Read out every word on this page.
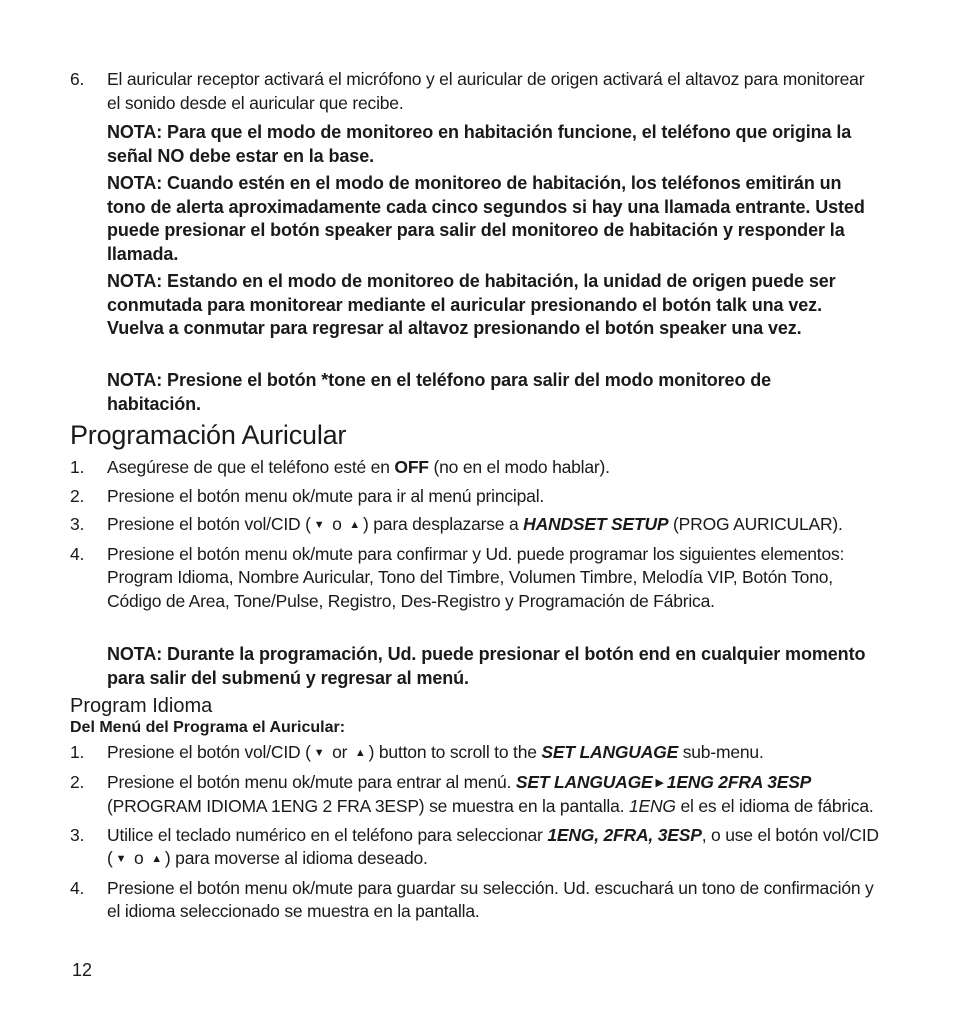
6.	El auricular receptor activará el micrófono y el auricular de origen activará el altavoz para monitorear el sonido desde el auricular que recibe.
NOTA: Para que el modo de monitoreo en habitación funcione, el teléfono que origina la señal NO debe estar en la base.
NOTA: Cuando estén en el modo de monitoreo de habitación, los teléfonos emitirán un tono de alerta aproximadamente cada cinco segundos si hay una llamada entrante. Usted puede presionar el botón speaker para salir del monitoreo de habitación y responder la llamada.
NOTA: Estando en el modo de monitoreo de habitación, la unidad de origen puede ser conmutada para monitorear mediante el auricular presionando el botón talk una vez. Vuelva a conmutar para regresar al altavoz presionando el botón speaker una vez.
NOTA: Presione el botón *tone en el teléfono para salir del modo monitoreo de habitación.
Programación Auricular
1.	Asegúrese de que el teléfono esté en OFF (no en el modo hablar).
2.	Presione el botón menu ok/mute para ir al menú principal.
3.	Presione el botón vol/CID ( ▼ o ▲ ) para desplazarse a HANDSET SETUP (PROG AURICULAR).
4.	Presione el botón menu ok/mute para confirmar y Ud. puede programar los siguientes elementos: Program Idioma, Nombre Auricular, Tono del Timbre, Volumen Timbre, Melodía VIP, Botón Tono, Código de Area, Tone/Pulse, Registro, Des-Registro y Programación de Fábrica.
NOTA: Durante la programación, Ud. puede presionar el botón end en cualquier momento para salir del submenú y regresar al menú.
Program Idioma
Del Menú del Programa el Auricular:
1.	Presione el botón vol/CID ( ▼ or ▲ ) button to scroll to the SET LANGUAGE sub-menu.
2.	Presione el botón menu ok/mute para entrar al menú. SET LANGUAGE ▶ 1ENG 2FRA 3ESP (PROGRAM IDIOMA 1ENG 2 FRA 3ESP) se muestra en la pantalla. 1ENG el es el idioma de fábrica.
3.	Utilice el teclado numérico en el teléfono para seleccionar 1ENG, 2FRA, 3ESP, o use el botón vol/CID ( ▼ o ▲ ) para moverse al idioma deseado.
4.	Presione el botón menu ok/mute para guardar su selección. Ud. escuchará un tono de confirmación y el idioma seleccionado se muestra en la pantalla.
12
